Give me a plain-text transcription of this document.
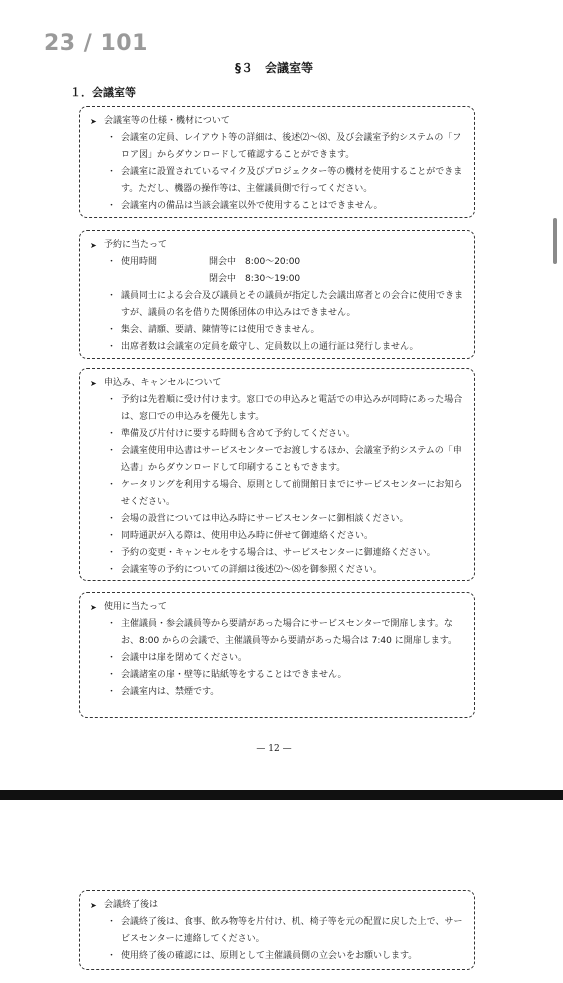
23 / 101
§３　会議室等
１．会議室等
➤ 会議室等の仕様・機材について
・ 会議室の定員、レイアウト等の詳細は、後述⑵～⑻、及び会議室予約システムの「フロア図」からダウンロードして確認することができます。
・ 会議室に設置されているマイク及びプロジェクター等の機材を使用することができます。ただし、機器の操作等は、主催議員側で行ってください。
・ 会議室内の備品は当該会議室以外で使用することはできません。
➤ 予約に当たって
・ 使用時間	開会中　8:00～20:00
閉会中　8:30～19:00
・ 議員同士による会合及び議員とその議員が指定した会議出席者との会合に使用できますが、議員の名を借りた関係団体の申込みはできません。
・ 集会、請願、要請、陳情等には使用できません。
・ 出席者数は会議室の定員を厳守し、定員数以上の通行証は発行しません。
➤ 申込み、キャンセルについて
・ 予約は先着順に受け付けます。窓口での申込みと電話での申込みが同時にあった場合は、窓口での申込みを優先します。
・ 準備及び片付けに要する時間も含めて予約してください。
・ 会議室使用申込書はサービスセンターでお渡しするほか、会議室予約システムの「申込書」からダウンロードして印刷することもできます。
・ ケータリングを利用する場合、原則として前開館日までにサービスセンターにお知らせください。
・ 会場の設営については申込み時にサービスセンターに御相談ください。
・ 同時通訳が入る際は、使用申込み時に併せて御連絡ください。
・ 予約の変更・キャンセルをする場合は、サービスセンターに御連絡ください。
・ 会議室等の予約についての詳細は後述⑵～⑻を御参照ください。
➤ 使用に当たって
・ 主催議員・参会議員等から要請があった場合にサービスセンターで開扉します。なお、8:00 からの会議で、主催議員等から要請があった場合は 7:40 に開扉します。
・ 会議中は扉を閉めてください。
・ 会議諸室の扉・壁等に貼紙等をすることはできません。
・ 会議室内は、禁煙です。
— 12 —
➤ 会議終了後は
・ 会議終了後は、食事、飲み物等を片付け、机、椅子等を元の配置に戻した上で、サービスセンターに連絡してください。
・ 使用終了後の確認には、原則として主催議員側の立会いをお願いします。
